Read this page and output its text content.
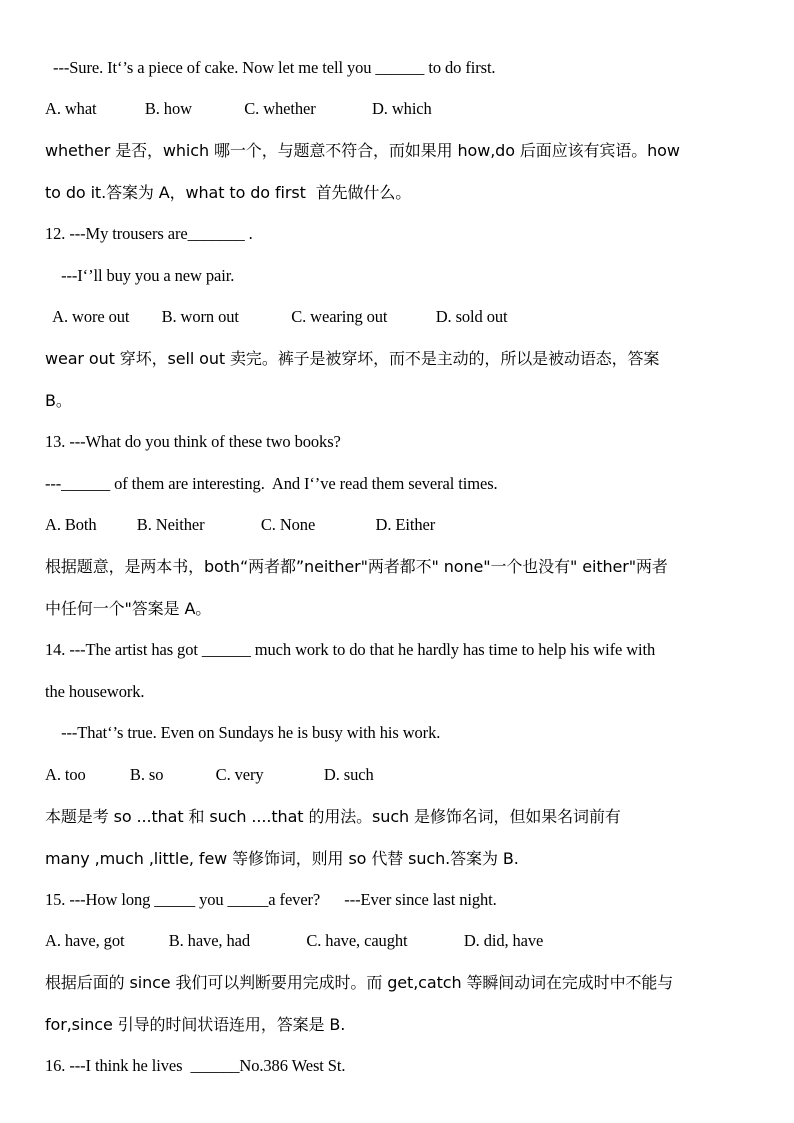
---Sure. It‘’s a piece of cake. Now let me tell you ______ to do first.
A. what            B. how             C. whether              D. which
whether 是否，which 哪一个，与题意不符合，而如果用 how,do 后面应该有宾语。how
to do it.答案为 A，what to do first  首先做什么。
12. ---My trousers are_______ .
---I‘’ll buy you a new pair.
A. wore out        B. worn out             C. wearing out            D. sold out
wear out 穿坏，sell out 卖完。裤子是被穿坏，而不是主动的，所以是被动语态，答案
B。
13. ---What do you think of these two books?
---______ of them are interesting.  And I‘’ve read them several times.
A. Both          B. Neither              C. None               D. Either
根据题意，是两本书，both“两者都”neither"两者都不" none"一个也没有" either"两者
中任何一个"答案是 A。
14. ---The artist has got ______ much work to do that he hardly has time to help his wife with
the housework.
---That‘’s true. Even on Sundays he is busy with his work.
A. too           B. so             C. very               D. such
本题是考 so ...that 和 such ....that 的用法。such 是修饰名词，但如果名词前有
many ,much ,little, few 等修饰词，则用 so 代替 such.答案为 B.
15. ---How long _____ you _____a fever?      ---Ever since last night.
A. have, got           B. have, had              C. have, caught              D. did, have
根据后面的 since 我们可以判断要用完成时。而 get,catch 等瞬间动词在完成时中不能与
for,since 引导的时间状语连用，答案是 B.
16. ---I think he lives  ______No.386 West St.
